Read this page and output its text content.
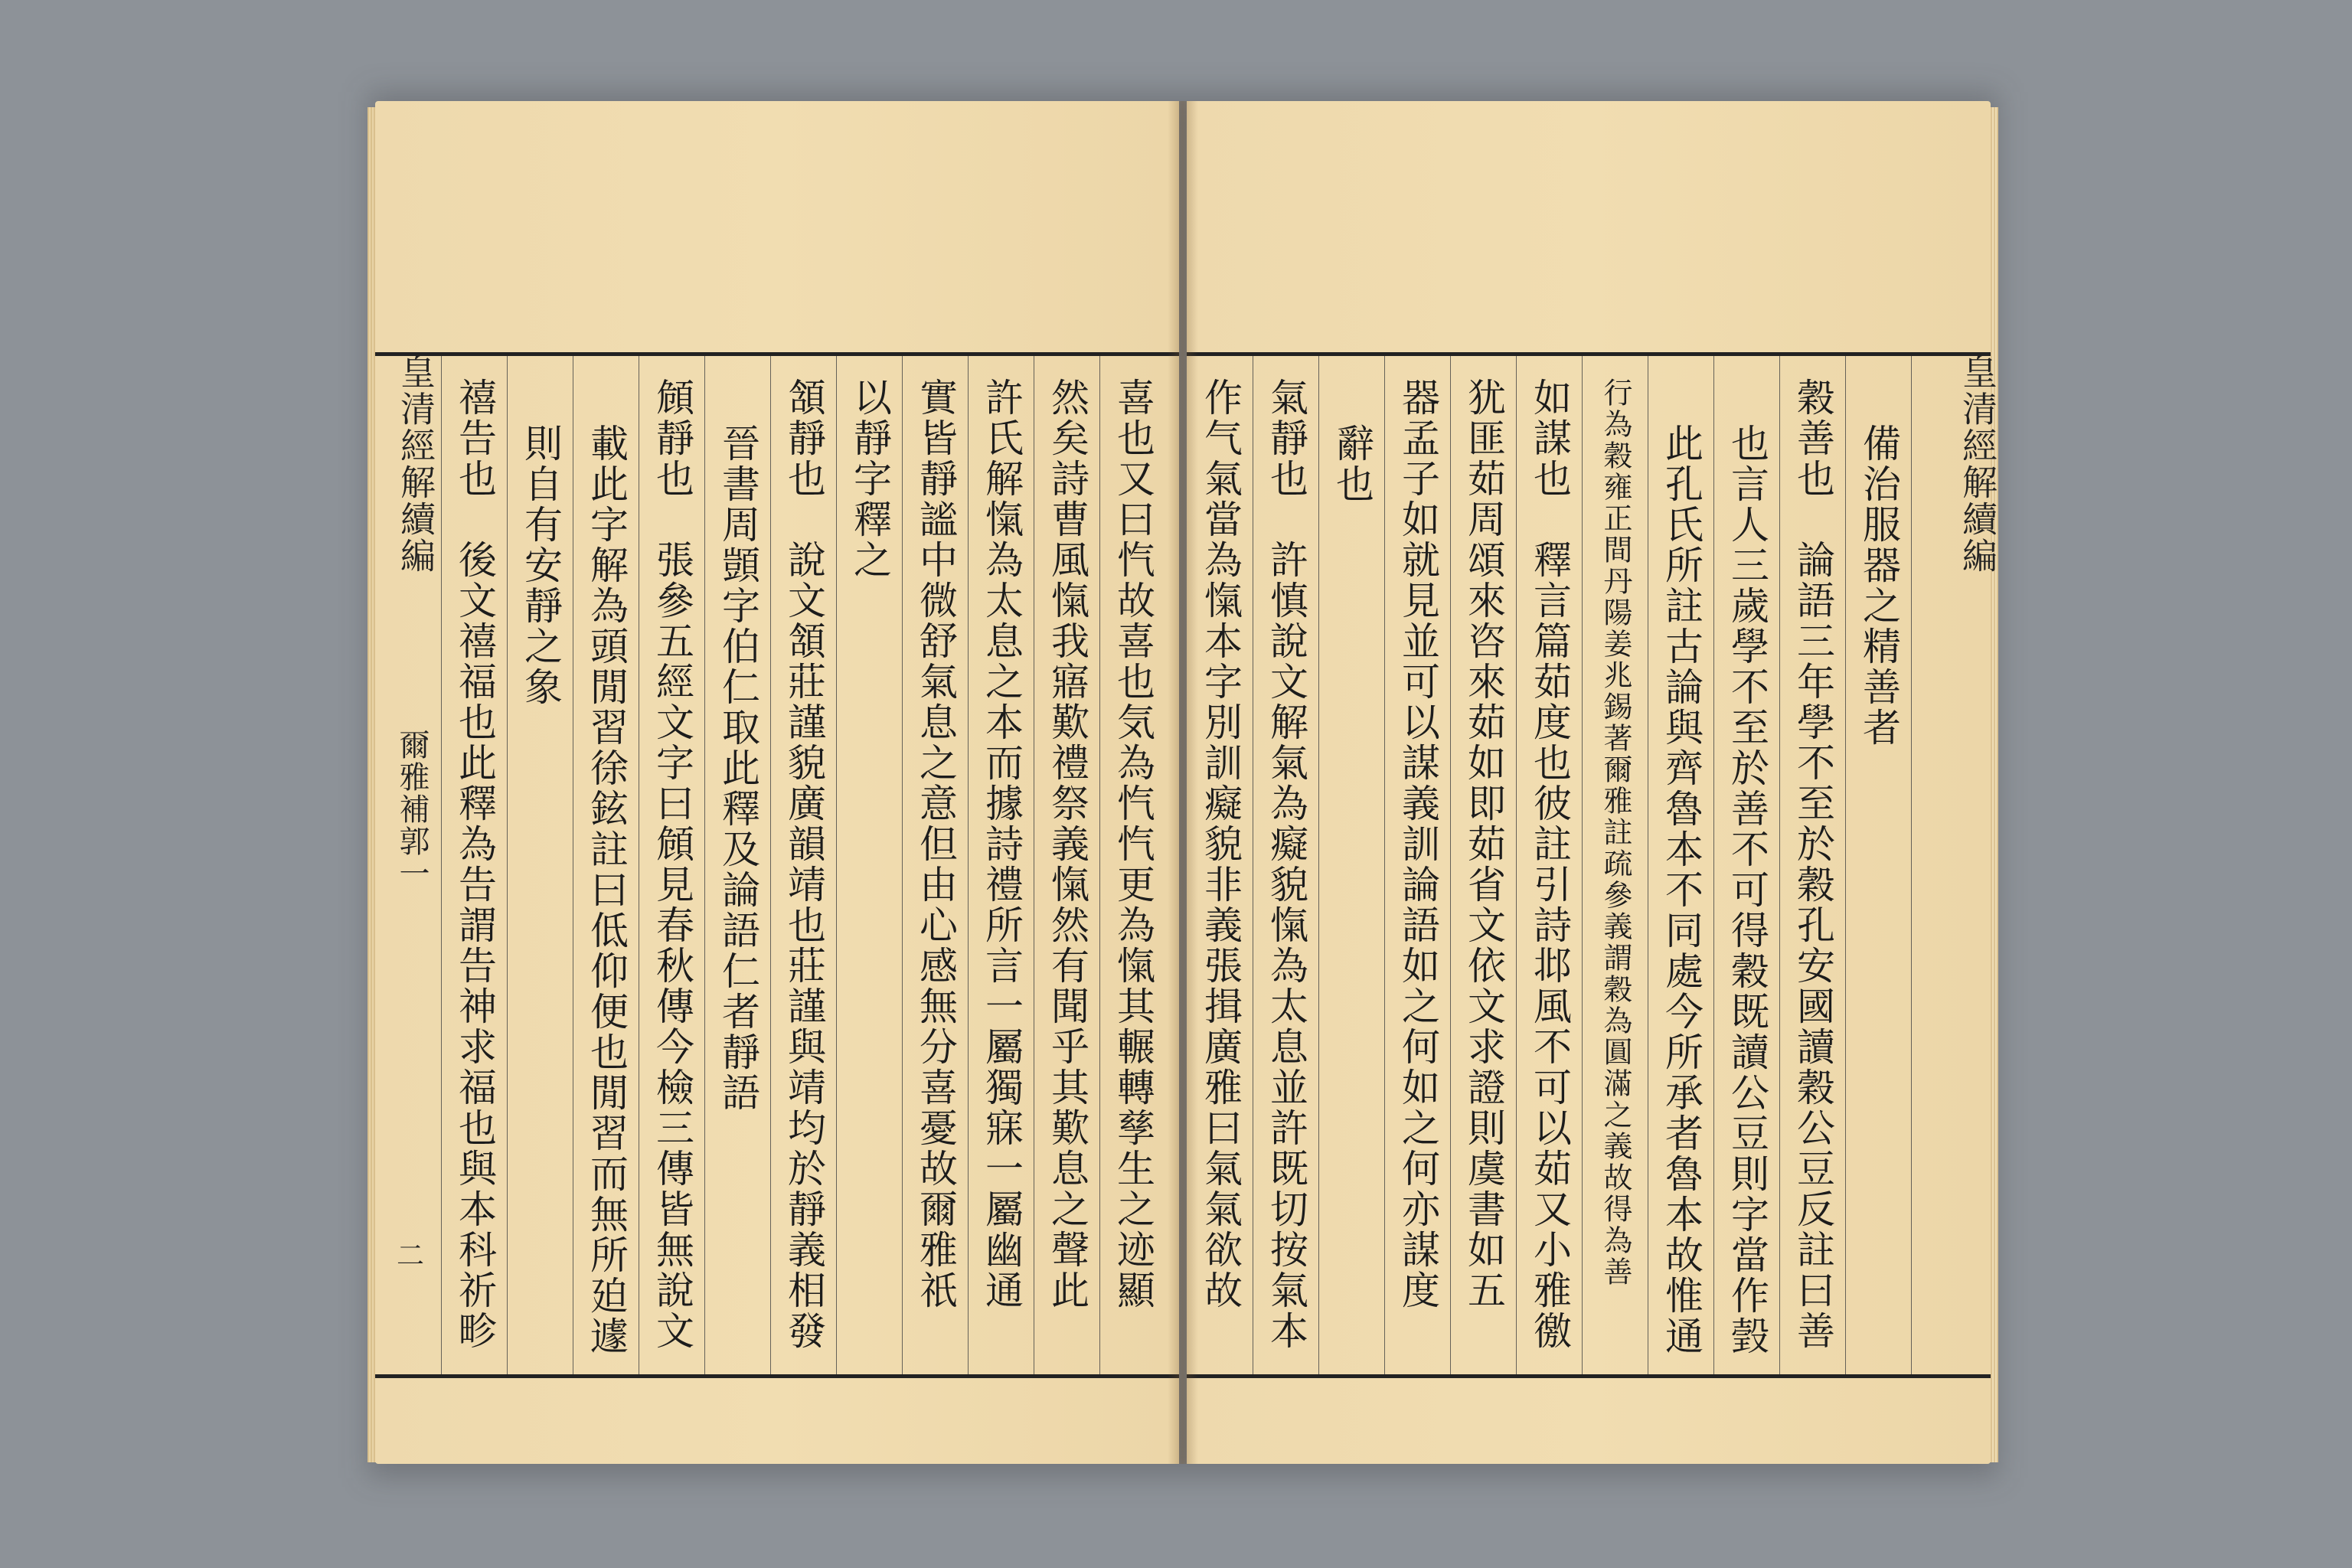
喜也又曰忾故喜也気為忾忾更為愾其輾轉孳生之迹顯
然矣詩曹風愾我寤歎禮祭義愾然有聞乎其歎息之聲此
許氏解愾為太息之本而據詩禮所言一屬獨寐一屬幽通
實皆靜謐中微舒氣息之意但由心感無分喜憂故爾雅祇
以靜字釋之
頷靜也　說文頷莊謹貌廣韻靖也莊謹與靖均於靜義相發
晉書周顗字伯仁取此釋及論語仁者靜語
頠靜也　張參五經文字曰頠見春秋傳今檢三傳皆無說文
載此字解為頭閒習徐鉉註曰低仰便也閒習而無所廹遽
則自有安靜之象
禧告也　後文禧福也此釋為告謂告神求福也與本科祈畛
皇清經解續編
爾雅補郭一
二
備治服器之精善者
穀善也　論語三年學不至於穀孔安國讀穀公豆反註曰善
也言人三歲學不至於善不可得穀既讀公豆則字當作瑴
此孔氏所註古論與齊魯本不同處今所承者魯本故惟通
行為穀雍正間丹陽姜兆錫著爾雅註疏參義謂穀為圓滿之義故得為善
如謀也　釋言篇茹度也彼註引詩邶風不可以茹又小雅徼
犹匪茹周頌來咨來茹如即茹省文依文求證則虞書如五
器孟子如就見並可以謀義訓論語如之何如之何亦謀度
辭也
氣靜也　許慎說文解氣為癡貌愾為太息並許既切按氣本
作气氣當為愾本字別訓癡貌非義張揖廣雅曰氣氣欲故	皇清經解續編
